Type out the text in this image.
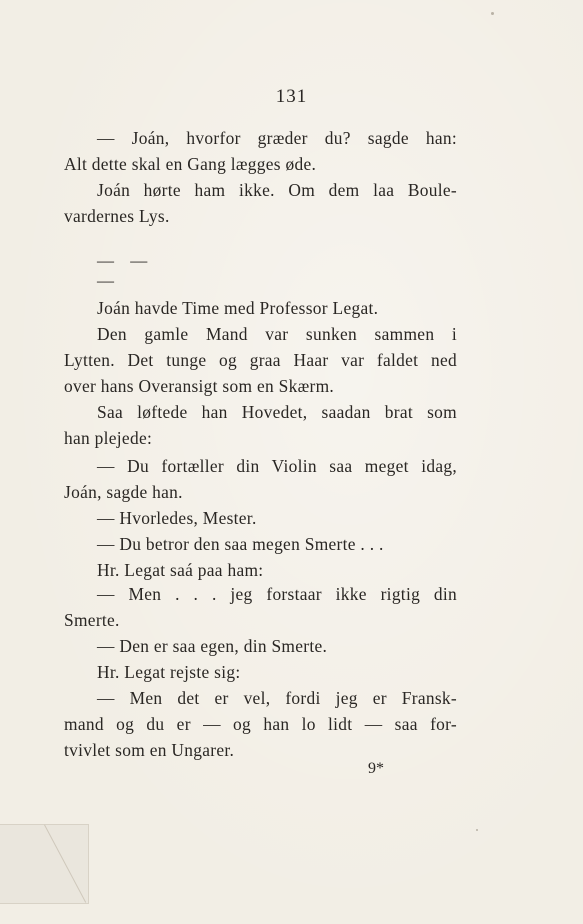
131
— Joán, hvorfor græder du? sagde han:
Alt dette skal en Gang lægges øde.
Joán hørte ham ikke. Om dem laa Boule-
vardernes Lys.
— — —
Joán havde Time med Professor Legat.
Den gamle Mand var sunken sammen i
Lytten. Det tunge og graa Haar var faldet ned
over hans Overansigt som en Skærm.
Saa løftede han Hovedet, saadan brat som
han plejede:
— Du fortæller din Violin saa meget idag,
Joán, sagde han.
— Hvorledes, Mester.
— Du betror den saa megen Smerte . . .
Hr. Legat saá paa ham:
— Men . . . jeg forstaar ikke rigtig din
Smerte.
— Den er saa egen, din Smerte.
Hr. Legat rejste sig:
— Men det er vel, fordi jeg er Fransk-
mand og du er — og han lo lidt — saa for-
tvivlet som en Ungarer.
9*
